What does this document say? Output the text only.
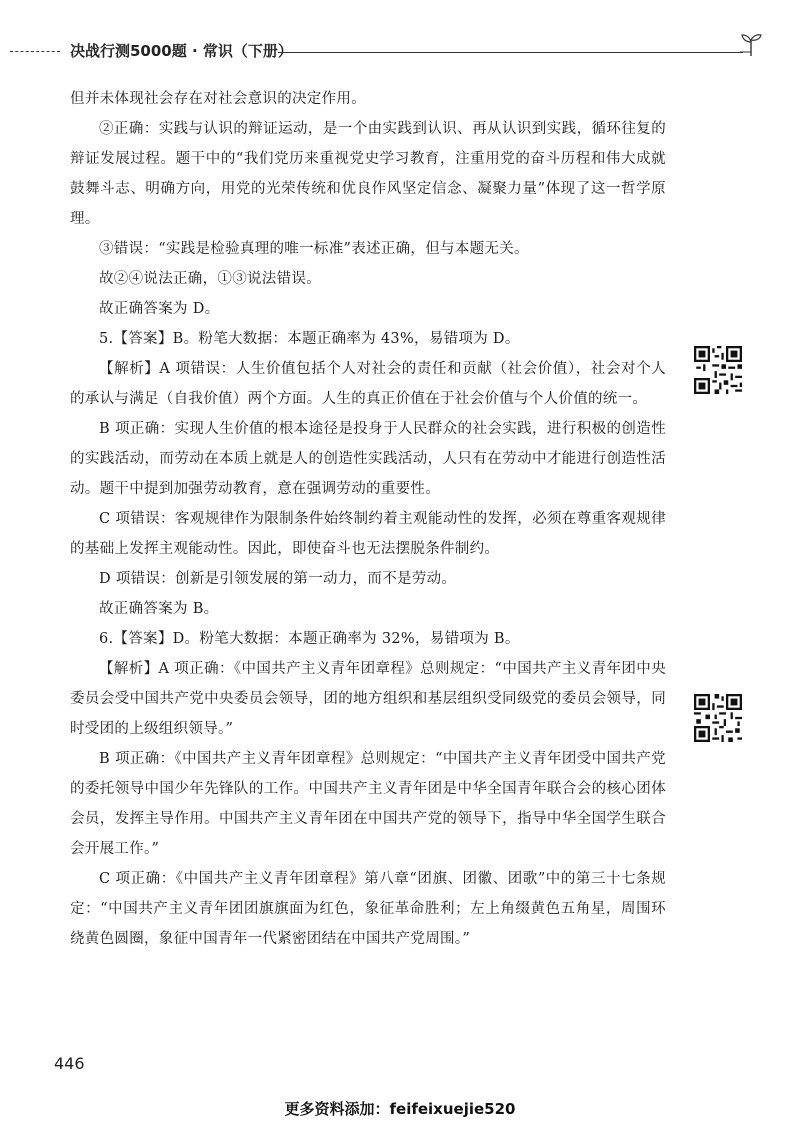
决战行测5000题 · 常识（下册）

但并未体现社会存在对社会意识的决定作用。

②正确：实践与认识的辩证运动，是一个由实践到认识、再从认识到实践，循环往复的辩证发展过程。题干中的“我们党历来重视党史学习教育，注重用党的奋斗历程和伟大成就鼓舞斗志、明确方向，用党的光荣传统和优良作风坚定信念、凝聚力量”体现了这一哲学原理。

③错误：“实践是检验真理的唯一标准”表述正确，但与本题无关。

故②④说法正确，①③说法错误。

故正确答案为 D。

5.【答案】B。粉笔大数据：本题正确率为 43%，易错项为 D。

【解析】A 项错误：人生价值包括个人对社会的责任和贡献（社会价值），社会对个人的承认与满足（自我价值）两个方面。人生的真正价值在于社会价值与个人价值的统一。

B 项正确：实现人生价值的根本途径是投身于人民群众的社会实践，进行积极的创造性的实践活动，而劳动在本质上就是人的创造性实践活动，人只有在劳动中才能进行创造性活动。题干中提到加强劳动教育，意在强调劳动的重要性。

C 项错误：客观规律作为限制条件始终制约着主观能动性的发挥，必须在尊重客观规律的基础上发挥主观能动性。因此，即使奋斗也无法摆脱条件制约。

D 项错误：创新是引领发展的第一动力，而不是劳动。

故正确答案为 B。

6.【答案】D。粉笔大数据：本题正确率为 32%，易错项为 B。

【解析】A 项正确：《中国共产主义青年团章程》总则规定：“中国共产主义青年团中央委员会受中国共产党中央委员会领导，团的地方组织和基层组织受同级党的委员会领导，同时受团的上级组织领导。”

B 项正确：《中国共产主义青年团章程》总则规定：“中国共产主义青年团受中国共产党的委托领导中国少年先锋队的工作。中国共产主义青年团是中华全国青年联合会的核心团体会员，发挥主导作用。中国共产主义青年团在中国共产党的领导下，指导中华全国学生联合会开展工作。”

C 项正确：《中国共产主义青年团章程》第八章“团旗、团徽、团歌”中的第三十七条规定：“中国共产主义青年团团旗旗面为红色，象征革命胜利；左上角缀黄色五角星，周围环绕黄色圆圈，象征中国青年一代紧密团结在中国共产党周围。”

446
更多资料添加：feifeixuejie520
